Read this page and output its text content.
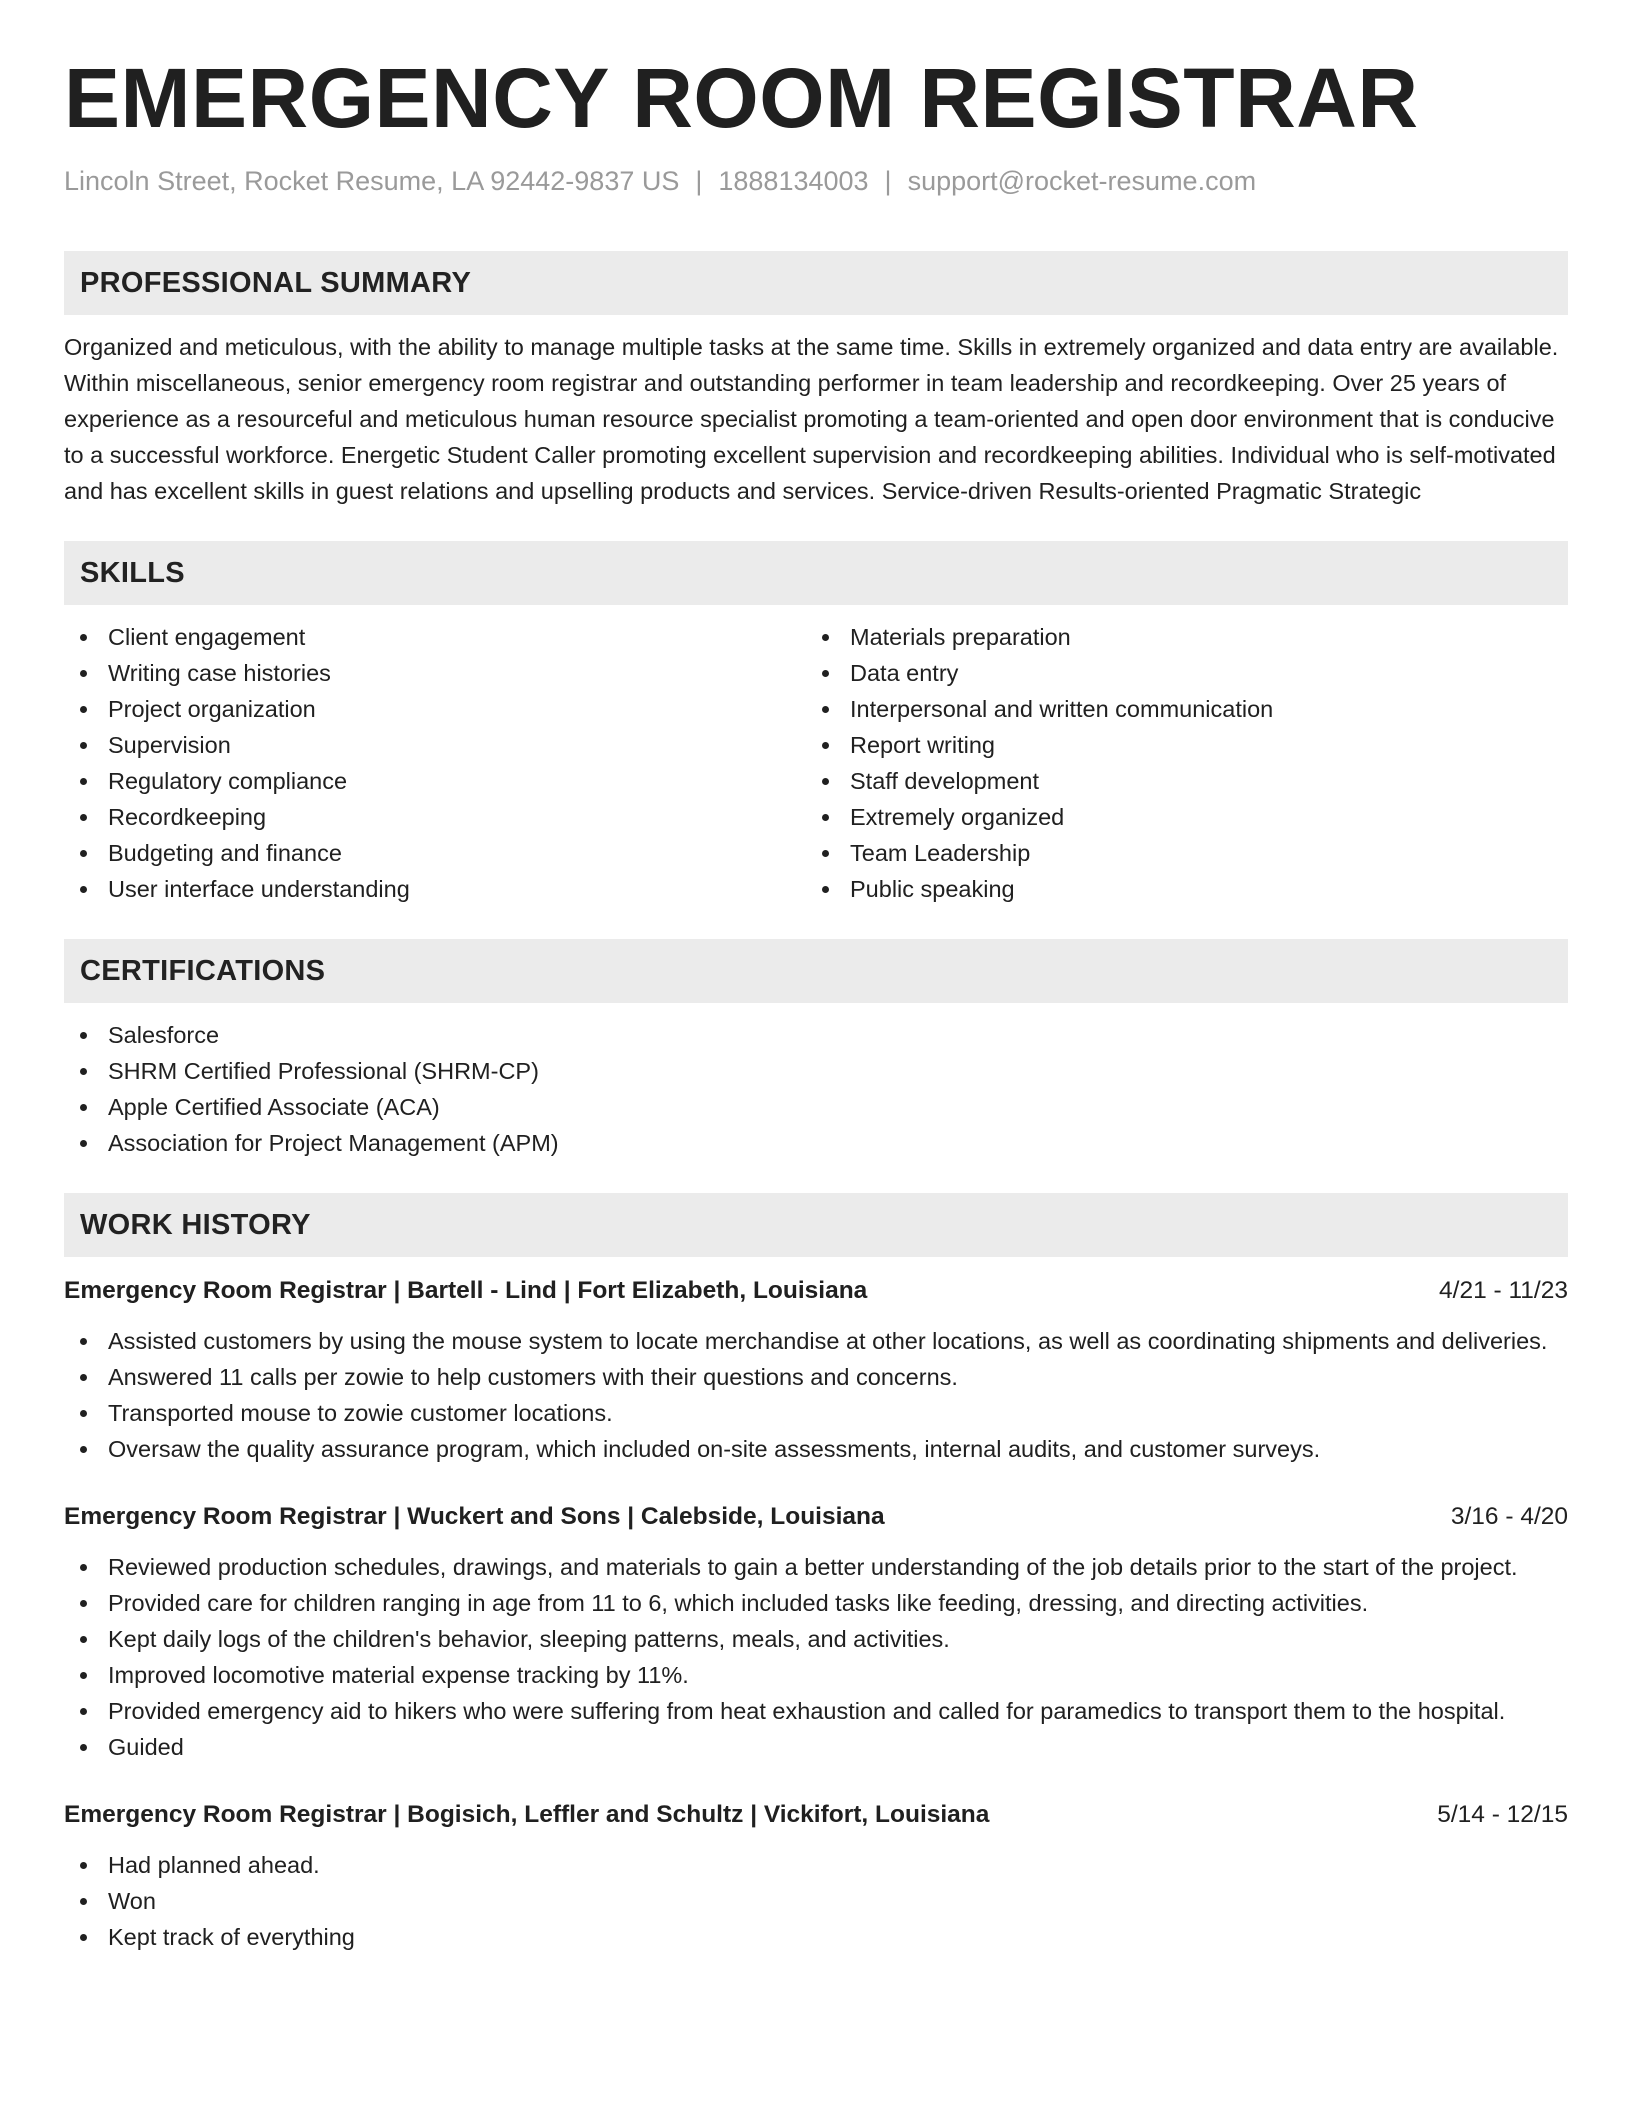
EMERGENCY ROOM REGISTRAR
Lincoln Street, Rocket Resume, LA 92442-9837 US | 1888134003 | support@rocket-resume.com
PROFESSIONAL SUMMARY

Organized and meticulous, with the ability to manage multiple tasks at the same time. Skills in extremely organized and data entry are available. Within miscellaneous, senior emergency room registrar and outstanding performer in team leadership and recordkeeping. Over 25 years of experience as a resourceful and meticulous human resource specialist promoting a team-oriented and open door environment that is conducive to a successful workforce. Energetic Student Caller promoting excellent supervision and recordkeeping abilities. Individual who is self-motivated and has excellent skills in guest relations and upselling products and services. Service-driven Results-oriented Pragmatic Strategic

SKILLS
Client engagement
Writing case histories
Project organization
Supervision
Regulatory compliance
Recordkeeping
Budgeting and finance
User interface understanding
Materials preparation
Data entry
Interpersonal and written communication
Report writing
Staff development
Extremely organized
Team Leadership
Public speaking
CERTIFICATIONS
Salesforce
SHRM Certified Professional (SHRM-CP)
Apple Certified Associate (ACA)
Association for Project Management (APM)
WORK HISTORY
Emergency Room Registrar | Bartell - Lind | Fort Elizabeth, Louisiana	4/21 - 11/23
Assisted customers by using the mouse system to locate merchandise at other locations, as well as coordinating shipments and deliveries.
Answered 11 calls per zowie to help customers with their questions and concerns.
Transported mouse to zowie customer locations.
Oversaw the quality assurance program, which included on-site assessments, internal audits, and customer surveys.
Emergency Room Registrar | Wuckert and Sons | Calebside, Louisiana	3/16 - 4/20
Reviewed production schedules, drawings, and materials to gain a better understanding of the job details prior to the start of the project.
Provided care for children ranging in age from 11 to 6, which included tasks like feeding, dressing, and directing activities.
Kept daily logs of the children's behavior, sleeping patterns, meals, and activities.
Improved locomotive material expense tracking by 11%.
Provided emergency aid to hikers who were suffering from heat exhaustion and called for paramedics to transport them to the hospital.
Guided
Emergency Room Registrar | Bogisich, Leffler and Schultz | Vickifort, Louisiana	5/14 - 12/15
Had planned ahead.
Won
Kept track of everything
